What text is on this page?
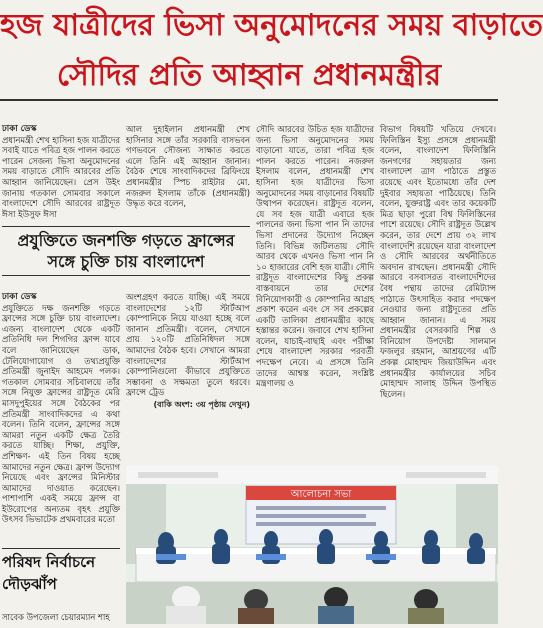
হজ যাত্রীদের ভিসা অনুমোদনের সময় বাড়াতে
সৌদির প্রতি আহ্বান প্রধানমন্ত্রীর
ঢাকা ডেস্ক

প্রধানমন্ত্রী শেখ হাসিনা হজ যাত্রীদের সবাই যাতে পবিত্র হজ পালন করতে পারেন সেজন্য ভিসা অনুমোদনের সময় বাড়াতে সৌদি আরবের প্রতি আহ্বান জানিয়েছেন। প্রেস উইং জানায় গতকাল সোমবার সকালে বাংলাদেশে সৌদি আরবের রাষ্ট্রদূত ঈসা ইউসুফ ঈসা

আল দুহাইলান প্রধানমন্ত্রী শেখ হাসিনার সঙ্গে তাঁর সরকারি বাসভবন গণভবনে সৌজন্য সাক্ষাত করতে এলে তিনি এই আহ্বান জানান। বৈঠক শেষে সাংবাদিকদের ব্রিফিংয়ে প্রধানমন্ত্রীর স্পিচ রাইটার মো. নজরুল ইসলাম তাঁকে (প্রধানমন্ত্রী) উদ্ধৃত করে বলেন,

সৌদি আরবের উচিত হজ যাত্রীদের জন্য ভিসা অনুমোদনের সময় বাড়ানো যাতে, তারা পবিত্র হজ পালন করতে পারেন। নজরুল ইসলাম বলেন, প্রধানমন্ত্রী শেখ হাসিনা হজ যাত্রীদের ভিসা অনুমোদনের সময় বাড়ানোর বিষয়টি উত্থাপন করেছেন। রাষ্ট্রদূত বলেন, যে সব হজ যাত্রী এবারে হজ পালনের জন্য ভিসা পান নি তাদের ভিসা প্রদানের উদ্যোগ নিচ্ছেন তিনি। বিভিন্ন জটিলতায় সৌদি আরব থেকে এখনও ভিসা পান নি ১০ হাজারের বেশি হজ যাত্রী। সৌদি রাষ্ট্রদূত বাংলাদেশের কিছু প্রকল্প বাস্তবায়নে তার দেশের বিনিয়োগকারী ও কোম্পানির আগ্রহ প্রকাশ করেন এবং সে সব প্রকল্পের একটি তালিকা প্রধানমন্ত্রীর কাছে হস্তান্তর করেন। জবাবে শেখ হাসিনা বলেন, যাচাই-বাছাই এবং পরীক্ষা শেষে বাংলাদেশ সরকার পরবর্তী পদক্ষেপ নেবে। এ প্রসঙ্গে তিনি তাদের আশ্বস্ত করেন, সংশ্লিষ্ট মন্ত্রণালয় ও

বিভাগ বিষয়টি খতিয়ে দেখবে। ফিলিস্তিন ইস্যু প্রসঙ্গে প্রধানমন্ত্রী বলেন, বাংলাদেশ ফিলিস্তিনি জনগণের সহায়তার জন্য বাংলাদেশ ত্রাণ পাঠাতে প্রস্তুত রয়েছে এবং ইতোমধ্যে তাঁর দেশ দুইবার সহায়তা পাঠিয়েছে। তিনি বলেন, যুক্তরাষ্ট্র এবং তার কয়েকটি মিত্র ছাড়া পুরো বিশ্ব ফিলিস্তিনের পাশে রয়েছে। সৌদি রাষ্ট্রদূত উল্লেখ করেন, তার দেশে প্রায় ৩২ লাখ বাংলাদেশি রয়েছেন যারা বাংলাদেশ ও সৌদি আরবের অর্থনীতিতে অবদান রাখছেন। প্রধানমন্ত্রী সৌদি আরবে বসবাসরত বাংলাদেশিদের বৈধ পন্থায় তাদের রেমিট্যান্স পাঠাতে উৎসাহিত করার পদক্ষেপ নেওয়ার জন্য রাষ্ট্রদূতের প্রতি আহ্বান জানান। এ সময় প্রধানমন্ত্রীর বেসরকারি শিল্প ও বিনিয়োগ উপদেষ্টা সালমান ফজলুর রহমান, আশ্রয়ণের এটি প্রকল্প মোহাম্মদ জিয়াউদ্দিন এবং প্রধানমন্ত্রীর কার্যালয়ের সচিব মোহাম্মদ সালাহ উদ্দিন উপস্থিত ছিলেন।

প্রযুক্তিতে জনশক্তি গড়তে ফ্রান্সের
সঙ্গে চুক্তি চায় বাংলাদেশ
ঢাকা ডেস্ক

প্রযুক্তিতে দক্ষ জনশক্তি গড়তে ফ্রান্সের সঙ্গে চুক্তি চায় বাংলাদেশ। এজন্য বাংলাদেশ থেকে একটি প্রতিনিধি দল শিগগির ফ্রান্স যাবে বলে জানিয়েছেন ডাক, টেলিযোগাযোগ ও তথ্যপ্রযুক্তি প্রতিমন্ত্রী জুনাইদ আহমেদ পলক। গতকাল সোমবার সচিবালয়ে তাঁর সঙ্গে নিযুক্ত ফ্রান্সের রাষ্ট্রদূত মেরি মাসদুপুইয়ের সঙ্গে বৈঠকের পর প্রতিমন্ত্রী সাংবাদিকদের এ কথা বলেন। তিনি বলেন, ফ্রান্সের সঙ্গে আমরা নতুন একটি ক্ষেত্র তৈরি করতে যাচ্ছি। শিক্ষা, প্রযুক্তি, প্রশিক্ষণ- এই তিন বিষয় হচ্ছে আমাদের নতুন ক্ষেত্র। ফ্রান্স উদ্যোগ নিয়েছে এবং ফ্রান্সের মিনিস্টার আমাদের দাওয়াত করেছেন। পাশাপাশি একই সময়ে ফ্রান্স বা ইউরোপের অন্যতম বৃহৎ প্রযুক্তি উৎসব ভিভাটেক প্রথমবারের মতো

অংশগ্রহণ করতে যাচ্ছি। এই সময়ে বাংলাদেশের ১২টি স্টার্টআপ কোম্পানিকে নিয়ে যাওয়া হচ্ছে বলে জানান প্রতিমন্ত্রী। বলেন, সেখানে প্রায় ১২০টি প্রতিনিধিদল সঙ্গে আমাদের বৈঠক হবে। সেখানে আমরা বাংলাদেশের স্টার্টআপ কোম্পানিগুলো কীভাবে প্রযুক্তিতে সম্ভাবনা ও সক্ষমতা তুলে ধরবে। ফ্রান্সে ট্রেড

(বাকি অংশ: ৩য় পৃষ্ঠায় দেখুন)
পরিষদ নির্বাচনে
দৌড়ঝাঁপ

সাবেক উপজেলা চেয়ারম্যান শাহ

আলোচনা সভা
